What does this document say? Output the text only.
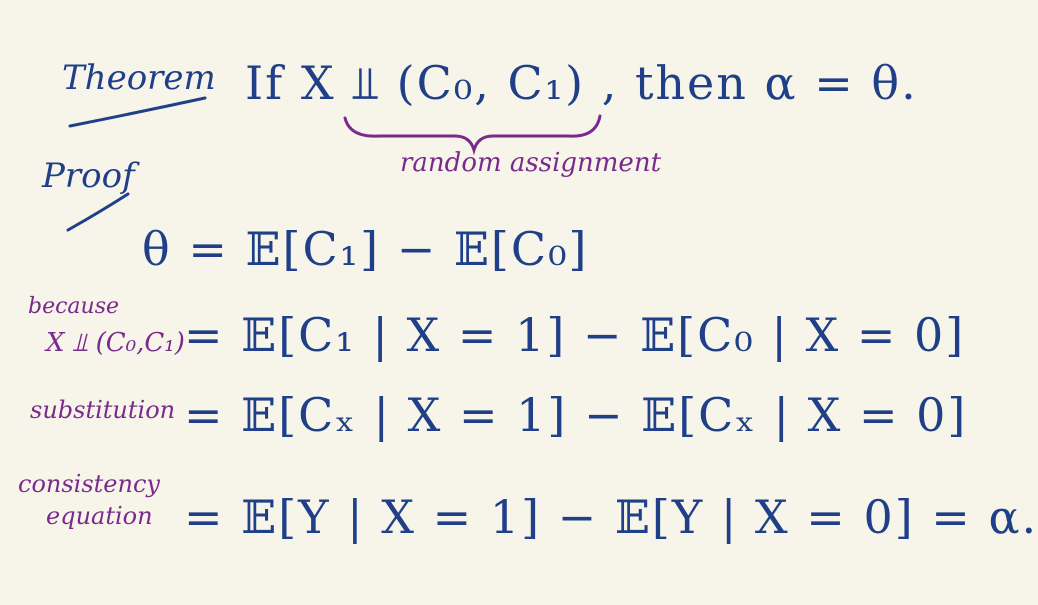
Theorem If X ⫫ (C₀, C₁) , then α = θ.
random assignment
Proof
θ = 𝔼[C₁] − 𝔼[C₀]
because
X ⫫ (C₀,C₁) = 𝔼[C₁ | X = 1] − 𝔼[C₀ | X = 0]
substitution = 𝔼[Cₓ | X = 1] − 𝔼[Cₓ | X = 0]
consistency
equation = 𝔼[Y | X = 1] − 𝔼[Y | X = 0] = α.
